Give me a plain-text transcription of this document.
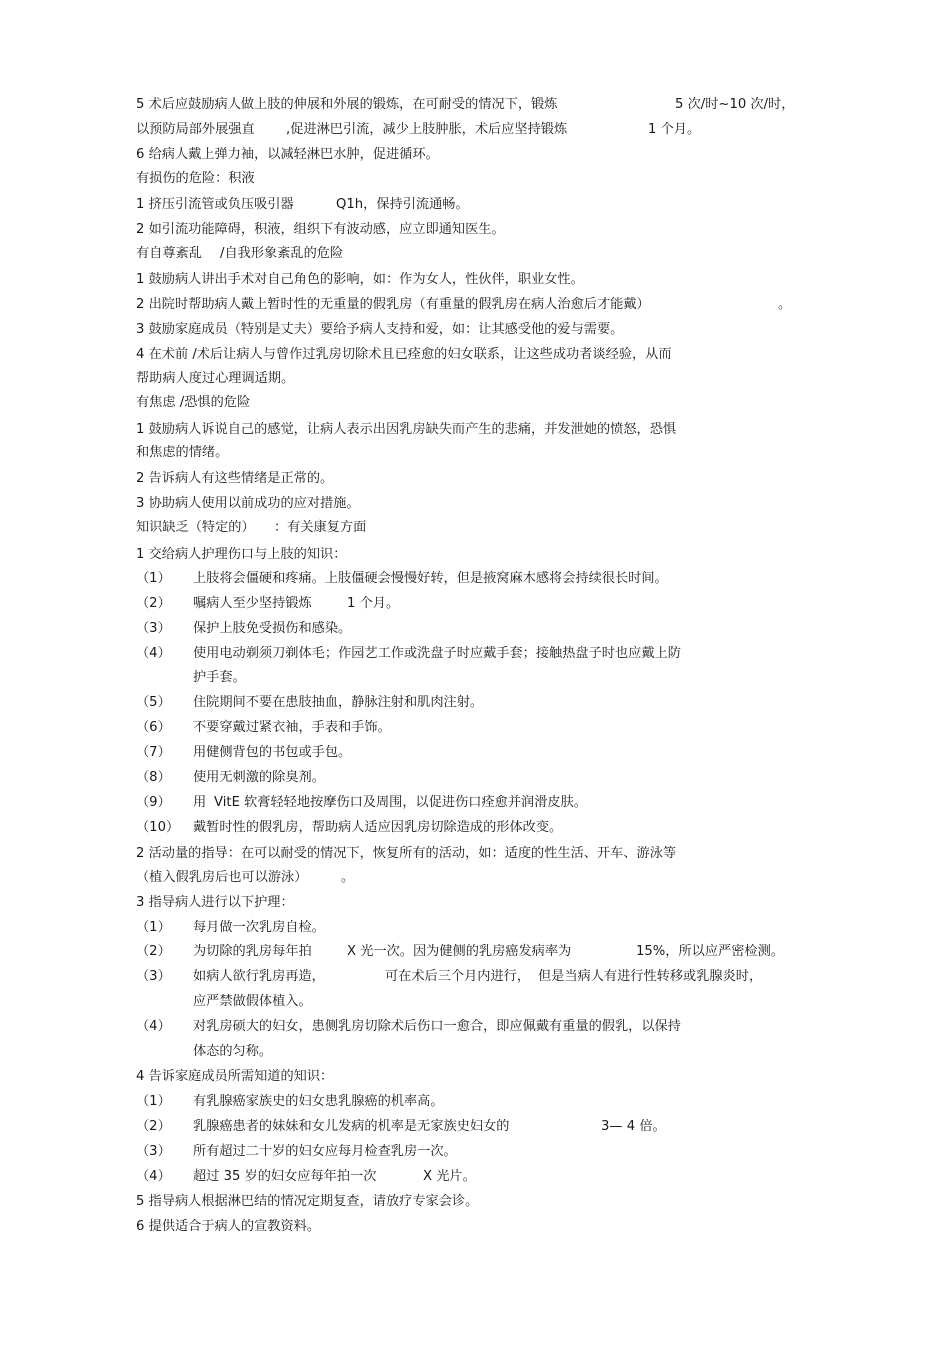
5 术后应鼓励病人做上肢的伸展和外展的锻炼，在可耐受的情况下，锻炼	5 次/时~10 次/时，
以预防局部外展强直 ,促进淋巴引流，减少上肢肿胀，术后应坚持锻炼	1 个月。
6 给病人戴上弹力袖，以减轻淋巴水肿，促进循环。
有损伤的危险：积液
1 挤压引流管或负压吸引器	Q1h，保持引流通畅。
2 如引流功能障碍，积液，组织下有波动感，应立即通知医生。
有自尊紊乱 /自我形象紊乱的危险
1 鼓励病人讲出手术对自己角色的影响，如：作为女人，性伙伴，职业女性。
2 出院时帮助病人戴上暂时性的无重量的假乳房（有重量的假乳房在病人治愈后才能戴）	。
3 鼓励家庭成员（特别是丈夫）要给予病人支持和爱，如：让其感受他的爱与需要。
4 在术前 /术后让病人与曾作过乳房切除术且已痊愈的妇女联系，让这些成功者谈经验，从而
帮助病人度过心理调适期。
有焦虑 /恐惧的危险
1 鼓励病人诉说自己的感觉，让病人表示出因乳房缺失而产生的悲痛，并发泄她的愤怒，恐惧
和焦虑的情绪。
2 告诉病人有这些情绪是正常的。
3 协助病人使用以前成功的应对措施。
知识缺乏（特定的） ：有关康复方面
1 交给病人护理伤口与上肢的知识：
（1） 上肢将会僵硬和疼痛。上肢僵硬会慢慢好转，但是掖窝麻木感将会持续很长时间。
（2） 嘱病人至少坚持锻炼	1 个月。
（3） 保护上肢免受损伤和感染。
（4） 使用电动剃须刀剃体毛；作园艺工作或洗盘子时应戴手套；接触热盘子时也应戴上防
护手套。
（5） 住院期间不要在患肢抽血，静脉注射和肌肉注射。
（6） 不要穿戴过紧衣袖，手表和手饰。
（7） 用健侧背包的书包或手包。
（8） 使用无刺激的除臭剂。
（9） 用 VitE 软膏轻轻地按摩伤口及周围，以促进伤口痊愈并润滑皮肤。
（10） 戴暂时性的假乳房，帮助病人适应因乳房切除造成的形体改变。
2 活动量的指导：在可以耐受的情况下，恢复所有的活动，如：适度的性生活、开车、游泳等
（植入假乳房后也可以游泳）	。
3 指导病人进行以下护理：
（1） 每月做一次乳房自检。
（2） 为切除的乳房每年拍	X 光一次。因为健侧的乳房癌发病率为	15%，所以应严密检测。
（3） 如病人欲行乳房再造，	可在术后三个月内进行， 但是当病人有进行性转移或乳腺炎时，
应严禁做假体植入。
（4） 对乳房硕大的妇女，患侧乳房切除术后伤口一愈合，即应佩戴有重量的假乳，以保持
体态的匀称。
4 告诉家庭成员所需知道的知识：
（1） 有乳腺癌家族史的妇女患乳腺癌的机率高。
（2） 乳腺癌患者的妹妹和女儿发病的机率是无家族史妇女的	3— 4 倍。
（3） 所有超过二十岁的妇女应每月检查乳房一次。
（4） 超过 35 岁的妇女应每年拍一次	X 光片。
5 指导病人根据淋巴结的情况定期复查，请放疗专家会诊。
6 提供适合于病人的宣教资料。
